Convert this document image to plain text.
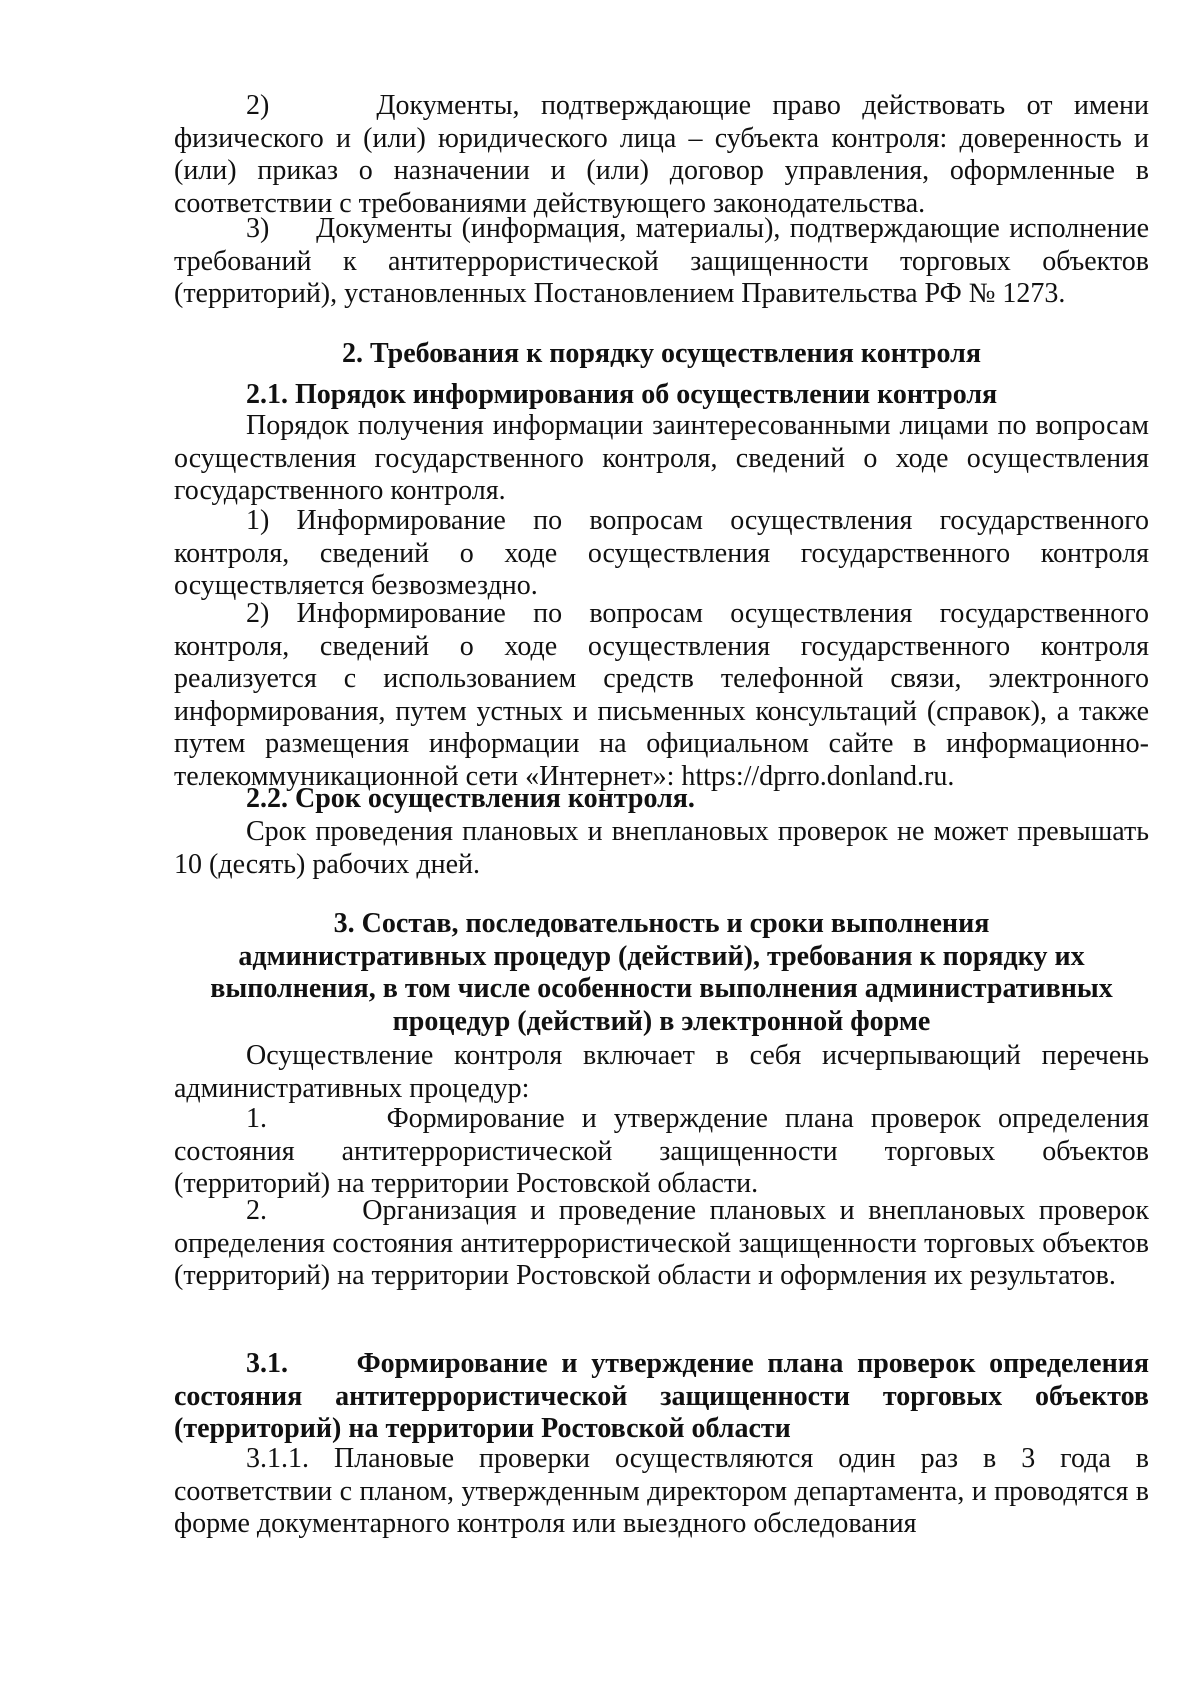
2)     Документы, подтверждающие право действовать от имени физического и (или) юридического лица – субъекта контроля: доверенность и (или) приказ о назначении и (или) договор управления, оформленные в соответствии с требованиями действующего законодательства.

3)     Документы (информация, материалы), подтверждающие исполнение требований к антитеррористической защищенности торговых объектов (территорий), установленных Постановлением Правительства РФ № 1273.

2. Требования к порядку осуществления контроля

2.1. Порядок информирования об осуществлении контроля

Порядок получения информации заинтересованными лицами по вопросам осуществления государственного контроля, сведений о ходе осуществления государственного контроля.

1) Информирование по вопросам осуществления государственного контроля, сведений о ходе осуществления государственного контроля осуществляется безвозмездно.

2) Информирование по вопросам осуществления государственного контроля, сведений о ходе осуществления государственного контроля реализуется с использованием средств телефонной связи, электронного информирования, путем устных и письменных консультаций (справок), а также путем размещения информации на официальном сайте в информационно-телекоммуникационной сети «Интернет»: https://dprro.donland.ru.

2.2. Срок осуществления контроля.

Срок проведения плановых и внеплановых проверок не может превышать 10 (десять) рабочих дней.

3. Состав, последовательность и сроки выполнения

административных процедур (действий), требования к порядку их

выполнения, в том числе особенности выполнения административных

процедур (действий) в электронной форме

Осуществление контроля включает в себя исчерпывающий перечень административных процедур:

1.       Формирование и утверждение плана проверок определения состояния антитеррористической защищенности торговых объектов (территорий) на территории Ростовской области.

2.       Организация и проведение плановых и внеплановых проверок определения состояния антитеррористической защищенности торговых объектов (территорий) на территории Ростовской области и оформления их результатов.

3.1.     Формирование и утверждение плана проверок определения состояния антитеррористической защищенности торговых объектов (территорий) на территории Ростовской области

3.1.1. Плановые проверки осуществляются один раз в 3 года в соответствии с планом, утвержденным директором департамента, и проводятся в форме документарного контроля или выездного обследования
